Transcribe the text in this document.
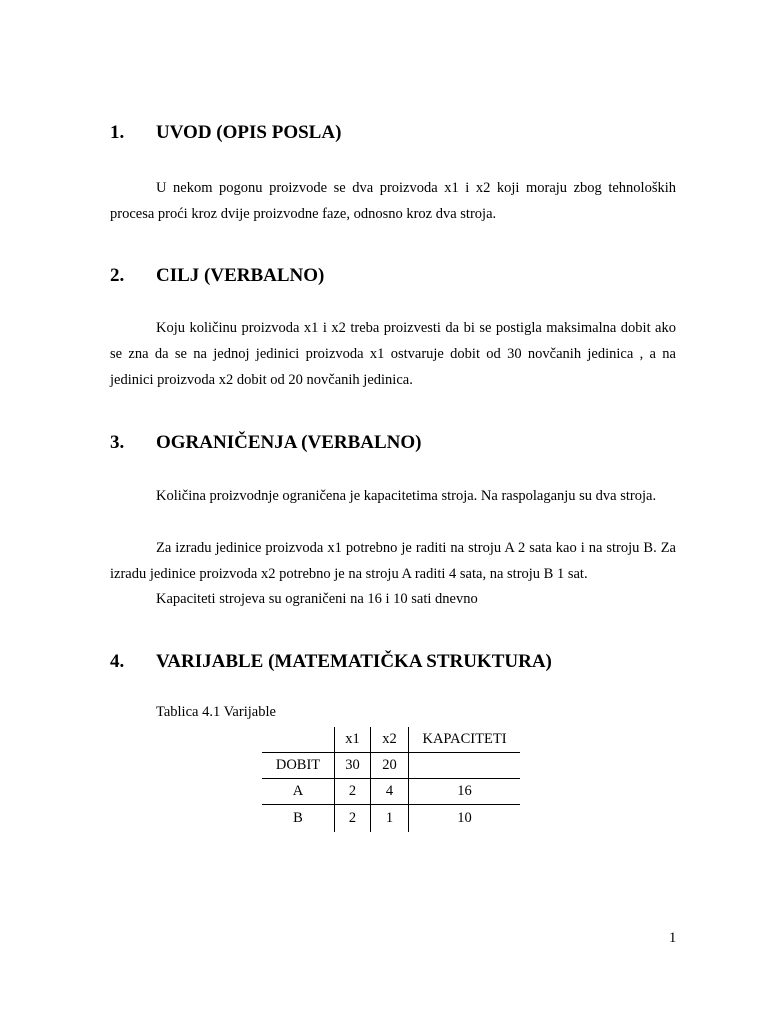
1. UVOD (OPIS POSLA)

U nekom pogonu proizvode se dva proizvoda x1 i x2 koji moraju zbog tehnoloških procesa proći kroz dvije proizvodne faze, odnosno kroz dva stroja.

2. CILJ (VERBALNO)

Koju količinu proizvoda x1 i x2 treba proizvesti da bi se postigla maksimalna dobit ako se zna da se na jednoj jedinici proizvoda x1 ostvaruje dobit od 30 novčanih jedinica , a na jedinici proizvoda x2 dobit od 20 novčanih jedinica.

3. OGRANIČENJA (VERBALNO)

Količina proizvodnje ograničena je kapacitetima stroja. Na raspolaganju su dva stroja.

Za izradu jedinice proizvoda x1 potrebno je raditi na stroju A 2 sata kao i na stroju B. Za izradu jedinice proizvoda x2 potrebno je na stroju A raditi 4 sata, na stroju B 1 sat.

Kapaciteti strojeva su ograničeni na 16 i 10 sati dnevno

4. VARIJABLE (MATEMATIČKA STRUKTURA)

Tablica 4.1 Varijable

	x1	x2	KAPACITETI
DOBIT	30	20	
A	2	4	16
B	2	1	10
1
